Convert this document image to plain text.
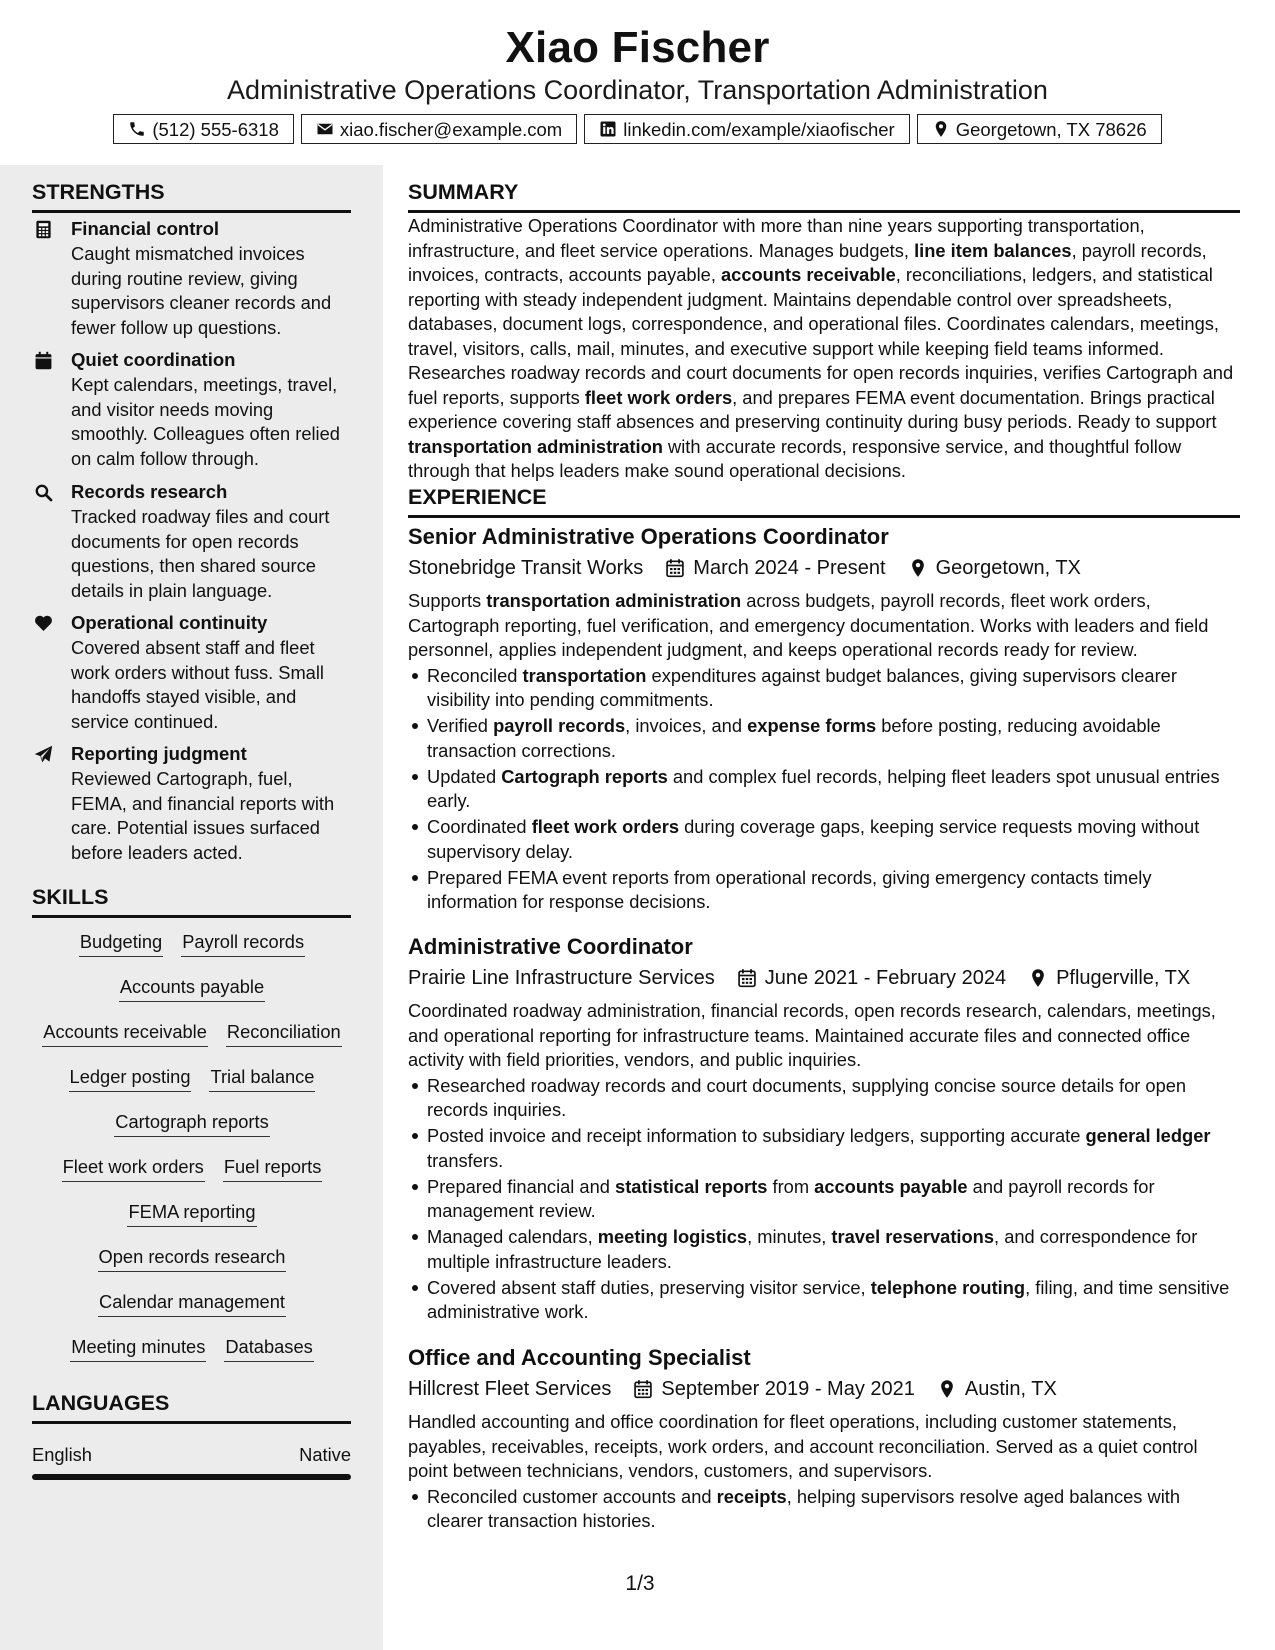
Xiao Fischer
Administrative Operations Coordinator, Transportation Administration
(512) 555-6318	xiao.fischer@example.com	linkedin.com/example/xiaofischer	Georgetown, TX 78626
STRENGTHS
Financial control
Caught mismatched invoices during routine review, giving supervisors cleaner records and fewer follow up questions.
Quiet coordination
Kept calendars, meetings, travel, and visitor needs moving smoothly. Colleagues often relied on calm follow through.
Records research
Tracked roadway files and court documents for open records questions, then shared source details in plain language.
Operational continuity
Covered absent staff and fleet work orders without fuss. Small handoffs stayed visible, and service continued.
Reporting judgment
Reviewed Cartograph, fuel, FEMA, and financial reports with care. Potential issues surfaced before leaders acted.
SKILLS
Budgeting Payroll records
Accounts payable
Accounts receivable Reconciliation
Ledger posting Trial balance
Cartograph reports
Fleet work orders Fuel reports
FEMA reporting
Open records research
Calendar management
Meeting minutes Databases
LANGUAGES
English	Native
SUMMARY
Administrative Operations Coordinator with more than nine years supporting transportation, infrastructure, and fleet service operations. Manages budgets, line item balances, payroll records, invoices, contracts, accounts payable, accounts receivable, reconciliations, ledgers, and statistical reporting with steady independent judgment. Maintains dependable control over spreadsheets, databases, document logs, correspondence, and operational files. Coordinates calendars, meetings, travel, visitors, calls, mail, minutes, and executive support while keeping field teams informed. Researches roadway records and court documents for open records inquiries, verifies Cartograph and fuel reports, supports fleet work orders, and prepares FEMA event documentation. Brings practical experience covering staff absences and preserving continuity during busy periods. Ready to support transportation administration with accurate records, responsive service, and thoughtful follow through that helps leaders make sound operational decisions.
EXPERIENCE
Senior Administrative Operations Coordinator
Stonebridge Transit Works	March 2024 - Present	Georgetown, TX
Supports transportation administration across budgets, payroll records, fleet work orders, Cartograph reporting, fuel verification, and emergency documentation. Works with leaders and field personnel, applies independent judgment, and keeps operational records ready for review.
Reconciled transportation expenditures against budget balances, giving supervisors clearer visibility into pending commitments.
Verified payroll records, invoices, and expense forms before posting, reducing avoidable transaction corrections.
Updated Cartograph reports and complex fuel records, helping fleet leaders spot unusual entries early.
Coordinated fleet work orders during coverage gaps, keeping service requests moving without supervisory delay.
Prepared FEMA event reports from operational records, giving emergency contacts timely information for response decisions.
Administrative Coordinator
Prairie Line Infrastructure Services	June 2021 - February 2024	Pflugerville, TX
Coordinated roadway administration, financial records, open records research, calendars, meetings, and operational reporting for infrastructure teams. Maintained accurate files and connected office activity with field priorities, vendors, and public inquiries.
Researched roadway records and court documents, supplying concise source details for open records inquiries.
Posted invoice and receipt information to subsidiary ledgers, supporting accurate general ledger transfers.
Prepared financial and statistical reports from accounts payable and payroll records for management review.
Managed calendars, meeting logistics, minutes, travel reservations, and correspondence for multiple infrastructure leaders.
Covered absent staff duties, preserving visitor service, telephone routing, filing, and time sensitive administrative work.
Office and Accounting Specialist
Hillcrest Fleet Services	September 2019 - May 2021	Austin, TX
Handled accounting and office coordination for fleet operations, including customer statements, payables, receivables, receipts, work orders, and account reconciliation. Served as a quiet control point between technicians, vendors, customers, and supervisors.
Reconciled customer accounts and receipts, helping supervisors resolve aged balances with clearer transaction histories.
1/3
